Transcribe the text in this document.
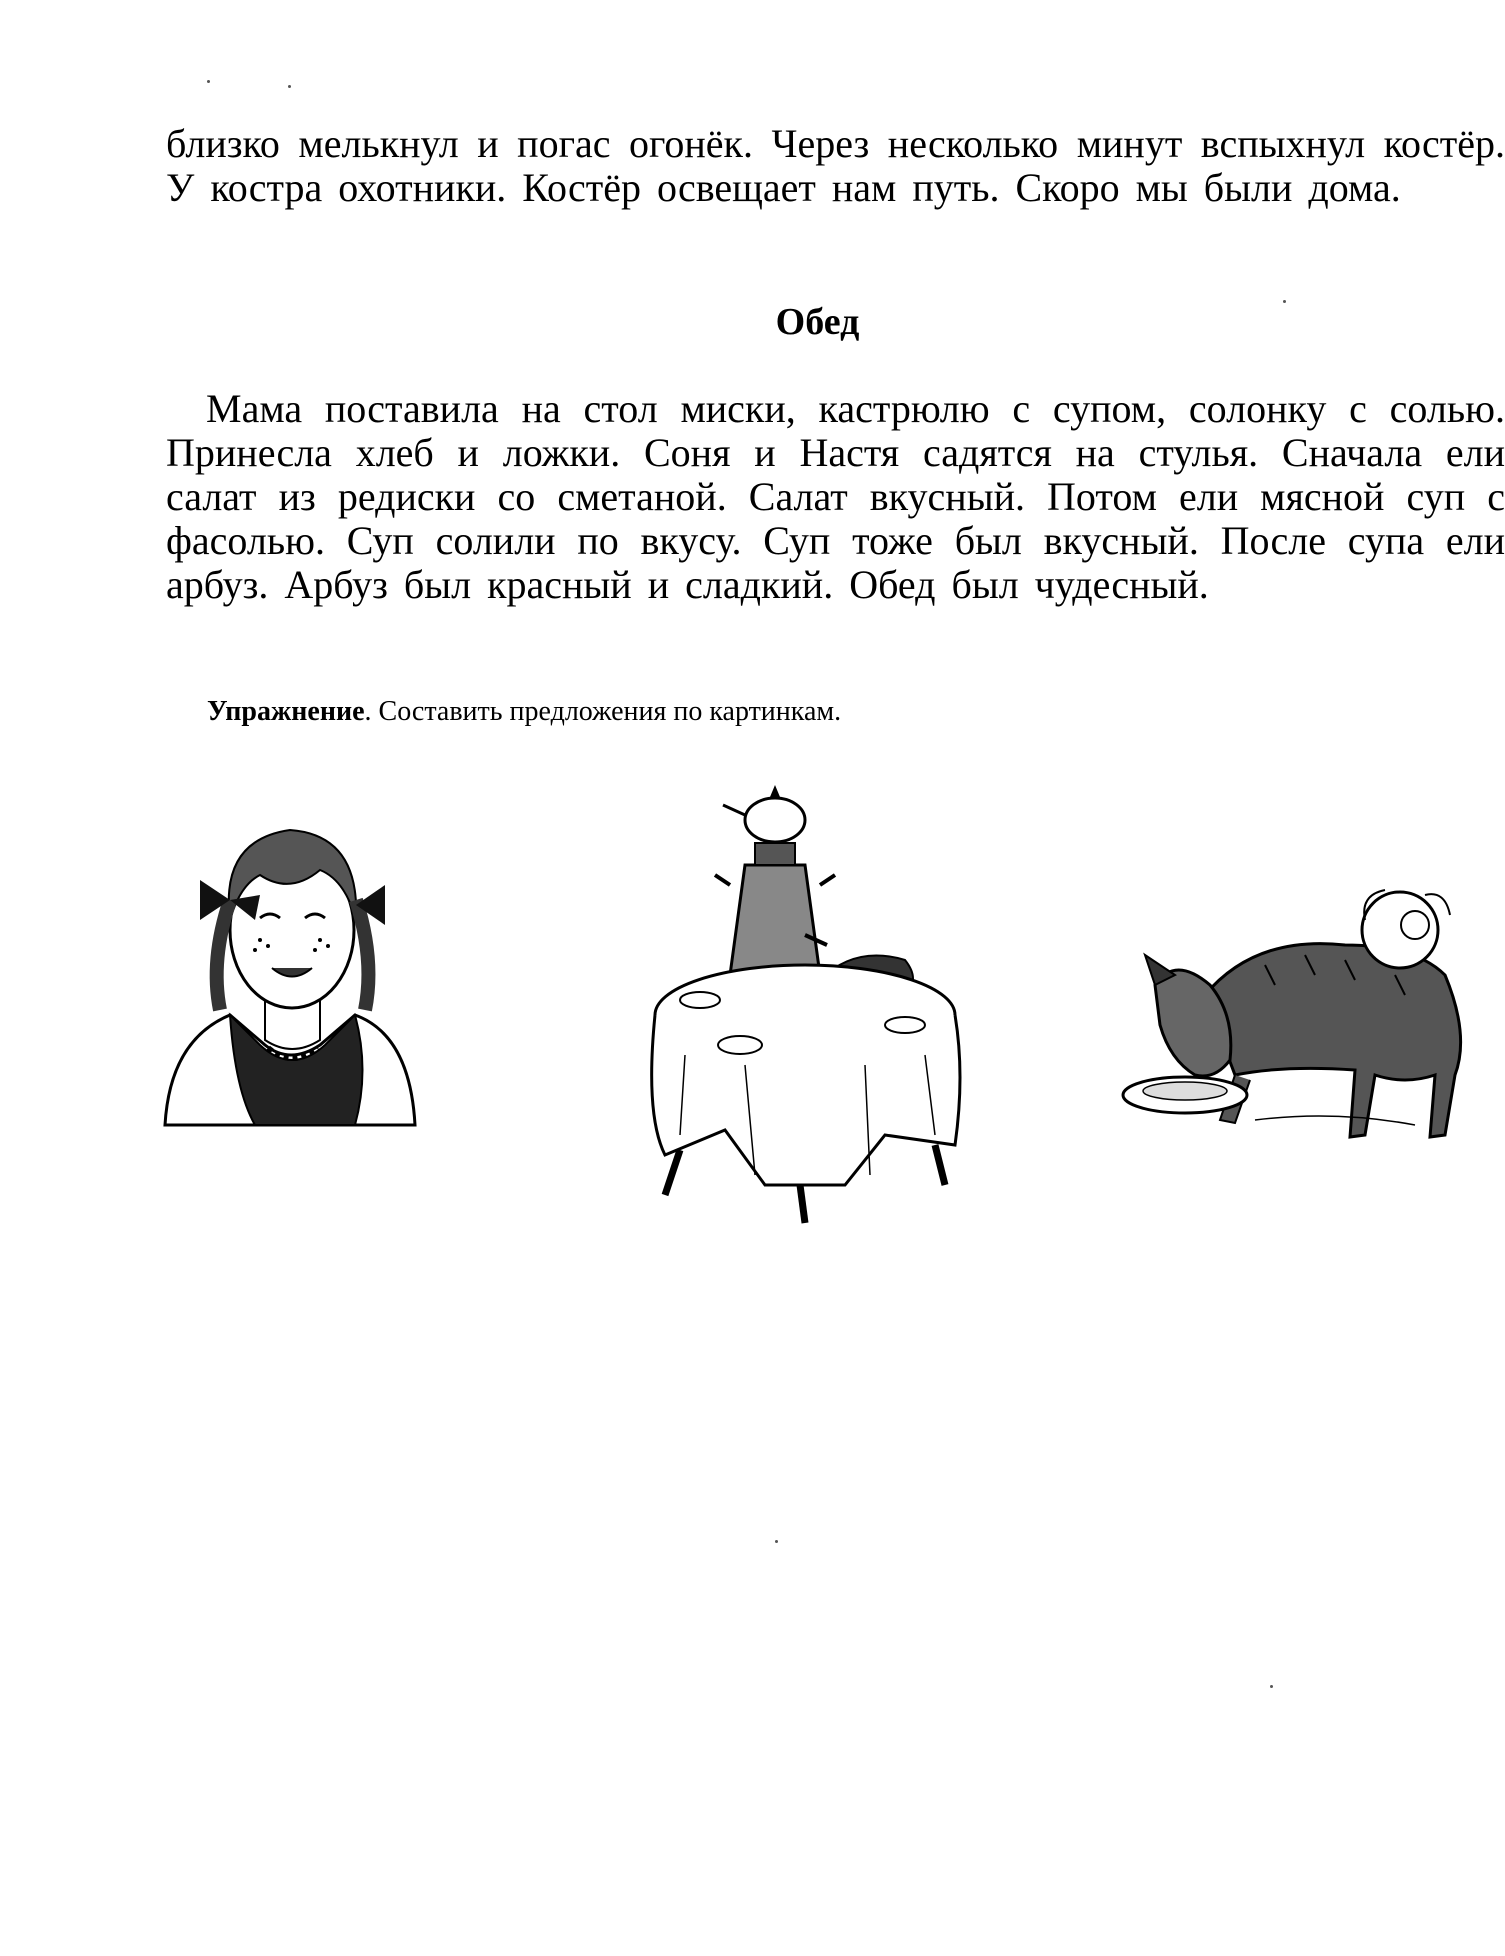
близко мелькнул и погас огонёк. Через несколько минут вспыхнул костёр. У костра охотники. Костёр освещает нам путь. Скоро мы были дома.
Обед
Мама поставила на стол миски, кастрюлю с супом, солонку с солью. Принесла хлеб и ложки. Соня и Настя садятся на стулья. Сначала ели салат из редиски со сметаной. Салат вкусный. Потом ели мясной суп с фасолью. Суп солили по вкусу. Суп тоже был вкусный. После супа ели арбуз. Арбуз был красный и сладкий. Обед был чудесный.
Упражнение. Составить предложения по картинкам.
